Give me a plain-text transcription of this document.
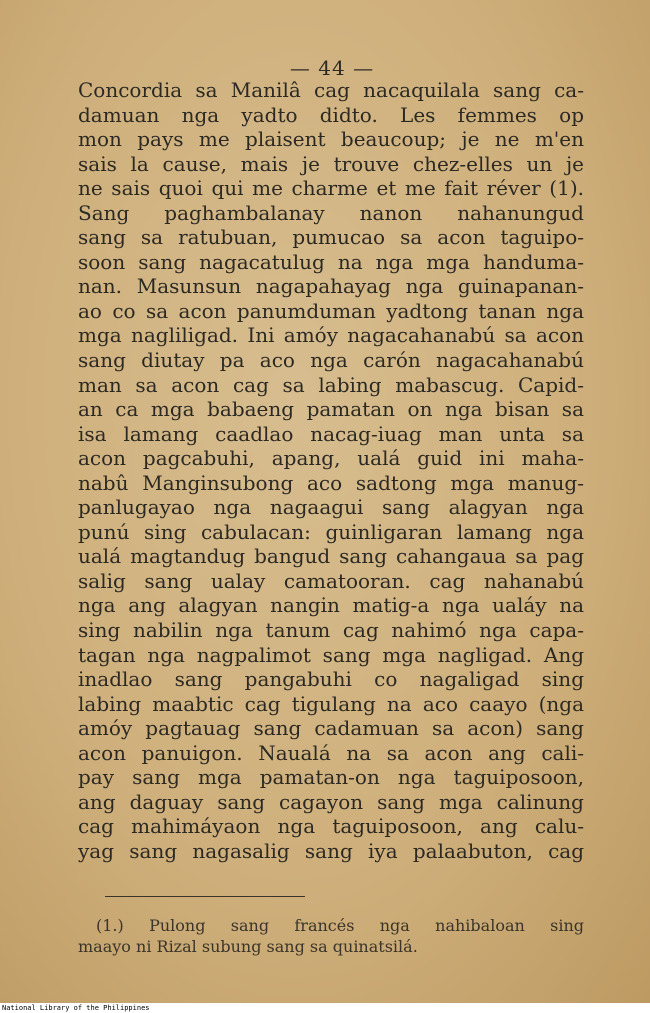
— 44 —
Concordia sa Manilâ cag nacaquilala sang ca-
damuan nga yadto didto. Les femmes op
mon pays me plaisent beaucoup; je ne m'en
sais la cause, mais je trouve chez-elles un je
ne sais quoi qui me charme et me fait réver (1).
Sang paghambalanay nanon nahanungud
sang sa ratubuan, pumucao sa acon taguipo-
soon sang nagacatulug na nga mga handuma-
nan. Masunsun nagapahayag nga guinapanan-
ao co sa acon panumduman yadtong tanan nga
mga nagliligad. Ini amóy nagacahanabú sa acon
sang diutay pa aco nga carón nagacahanabú
man sa acon cag sa labing mabascug. Capid-
an ca mga babaeng pamatan on nga bisan sa
isa lamang caadlao nacag-iuag man unta sa
acon pagcabuhi, apang, ualá guid ini maha-
nabû Manginsubong aco sadtong mga manug-
panlugayao nga nagaagui sang alagyan nga
punú sing cabulacan: guinligaran lamang nga
ualá magtandug bangud sang cahangaua sa pag
salig sang ualay camatooran. cag nahanabú
nga ang alagyan nangin matig-a nga ualáy na
sing nabilin nga tanum cag nahimó nga capa-
tagan nga nagpalimot sang mga nagligad. Ang
inadlao sang pangabuhi co nagaligad sing
labing maabtic cag tigulang na aco caayo (nga
amóy pagtauag sang cadamuan sa acon) sang
acon panuigon. Naualá na sa acon ang cali-
pay sang mga pamatan-on nga taguiposoon,
ang daguay sang cagayon sang mga calinung
cag mahimáyaon nga taguiposoon, ang calu-
yag sang nagasalig sang iya palaabuton, cag
(1.) Pulong sang francés nga nahibaloan sing
maayo ni Rizal subung sang sa quinatsilá.
National Library of the Philippines
